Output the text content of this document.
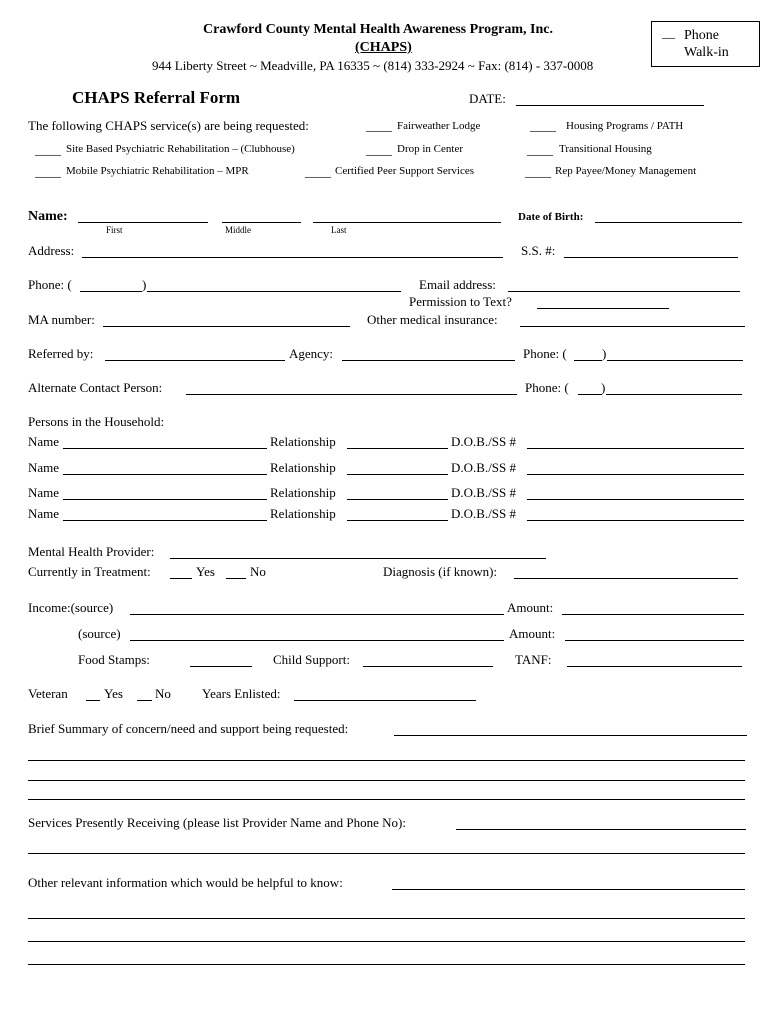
Crawford County Mental Health Awareness Program, Inc.
(CHAPS)
944 Liberty Street ~ Meadville, PA 16335 ~ (814) 333-2924 ~ Fax: (814) - 337-0008
__ Phone
Walk-in
CHAPS Referral Form	DATE:
The following CHAPS service(s) are being requested:	____ Fairweather Lodge	____ Housing Programs / PATH
____ Site Based Psychiatric Rehabilitation – (Clubhouse)	____ Drop in Center	____ Transitional Housing
____ Mobile Psychiatric Rehabilitation – MPR	____ Certified Peer Support Services	____ Rep Payee/Money Management
Name:
First	Middle	Last
Date of Birth:
Address:	S.S. #:
Phone: (	)	Email address:
Permission to Text?
MA number:	Other medical insurance:
Referred by:	Agency:	Phone: (	)
Alternate Contact Person:	Phone: ( )
Persons in the Household:
Name	Relationship	D.O.B./SS #
Name	Relationship	D.O.B./SS #
Name	Relationship	D.O.B./SS #
Name	Relationship	D.O.B./SS #
Mental Health Provider:
Currently in Treatment:	Yes	No	Diagnosis (if known):
Income:(source)	Amount:
(source)	Amount:
Food Stamps:	Child Support:	TANF:
Veteran	Yes No Years Enlisted:
Brief Summary of concern/need and support being requested:
Services Presently Receiving (please list Provider Name and Phone No):
Other relevant information which would be helpful to know:
